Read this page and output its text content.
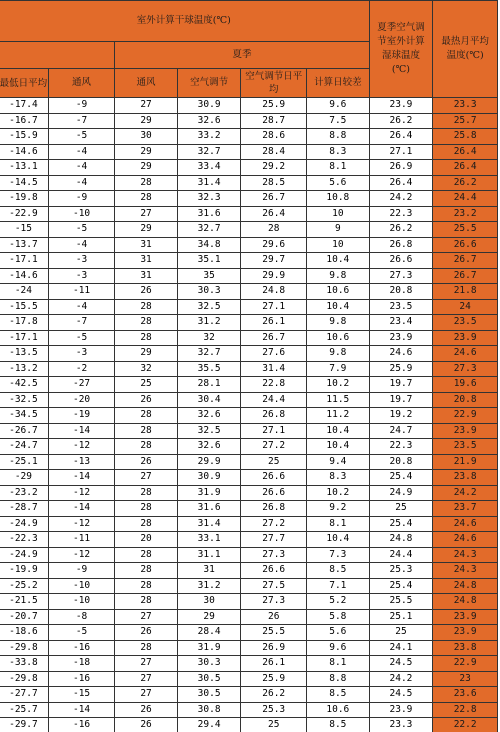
室外计算干球温度(℃)						夏季空气调节室外计算湿球温度(℃)	最热月平均温度(℃)

		夏季					

最低日平均	通风	通风	空气调节	空气调节日平均	计算日较差		
-17.4	-9	27	30.9	25.9	9.6	23.9	23.3
-16.7	-7	29	32.6	28.7	7.5	26.2	25.7
-15.9	-5	30	33.2	28.6	8.8	26.4	25.8
-14.6	-4	29	32.7	28.4	8.3	27.1	26.4
-13.1	-4	29	33.4	29.2	8.1	26.9	26.4
-14.5	-4	28	31.4	28.5	5.6	26.4	26.2
-19.8	-9	28	32.3	26.7	10.8	24.2	24.4
-22.9	-10	27	31.6	26.4	10	22.3	23.2
-15	-5	29	32.7	28	9	26.2	25.5
-13.7	-4	31	34.8	29.6	10	26.8	26.6
-17.1	-3	31	35.1	29.7	10.4	26.6	26.7
-14.6	-3	31	35	29.9	9.8	27.3	26.7
-24	-11	26	30.3	24.8	10.6	20.8	21.8
-15.5	-4	28	32.5	27.1	10.4	23.5	24
-17.8	-7	28	31.2	26.1	9.8	23.4	23.5
-17.1	-5	28	32	26.7	10.6	23.9	23.9
-13.5	-3	29	32.7	27.6	9.8	24.6	24.6
-13.2	-2	32	35.5	31.4	7.9	25.9	27.3
-42.5	-27	25	28.1	22.8	10.2	19.7	19.6
-32.5	-20	26	30.4	24.4	11.5	19.7	20.8
-34.5	-19	28	32.6	26.8	11.2	19.2	22.9
-26.7	-14	28	32.5	27.1	10.4	24.7	23.9
-24.7	-12	28	32.6	27.2	10.4	22.3	23.5
-25.1	-13	26	29.9	25	9.4	20.8	21.9
-29	-14	27	30.9	26.6	8.3	25.4	23.8
-23.2	-12	28	31.9	26.6	10.2	24.9	24.2
-28.7	-14	28	31.6	26.8	9.2	25	23.7
-24.9	-12	28	31.4	27.2	8.1	25.4	24.6
-22.3	-11	20	33.1	27.7	10.4	24.8	24.6
-24.9	-12	28	31.1	27.3	7.3	24.4	24.3
-19.9	-9	28	31	26.6	8.5	25.3	24.3
-25.2	-10	28	31.2	27.5	7.1	25.4	24.8
-21.5	-10	28	30	27.3	5.2	25.5	24.8
-20.7	-8	27	29	26	5.8	25.1	23.9
-18.6	-5	26	28.4	25.5	5.6	25	23.9
-29.8	-16	28	31.9	26.9	9.6	24.1	23.8
-33.8	-18	27	30.3	26.1	8.1	24.5	22.9
-29.8	-16	27	30.5	25.9	8.8	24.2	23
-27.7	-15	27	30.5	26.2	8.5	24.5	23.6
-25.7	-14	26	30.8	25.3	10.6	23.9	22.8
-29.7	-16	26	29.4	25	8.5	23.3	22.2
